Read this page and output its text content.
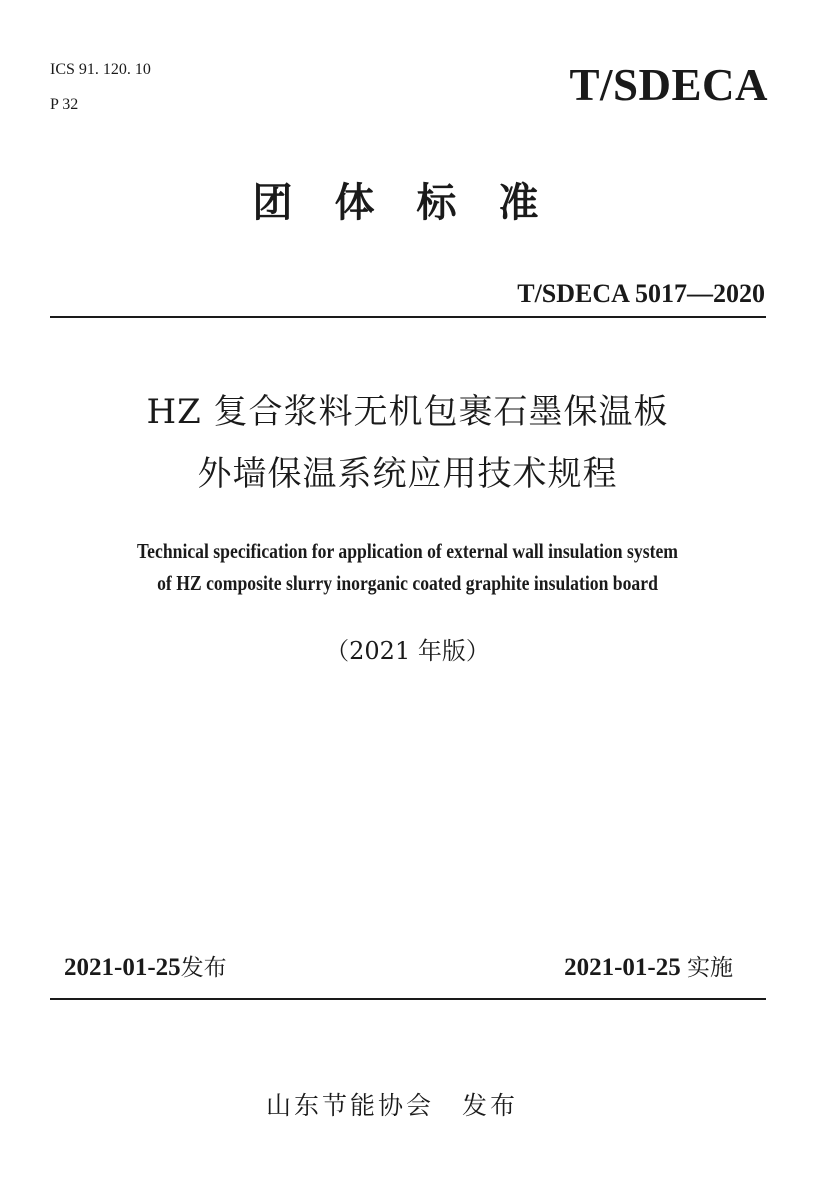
ICS 91. 120. 10
P 32	T/SDECA
团体标准
T/SDECA 5017—2020
HZ 复合浆料无机包裹石墨保温板
外墙保温系统应用技术规程
Technical specification for application of external wall insulation system
of HZ composite slurry inorganic coated graphite insulation board
（2021 年版）
2021-01-25发布	2021-01-25 实施
山东节能协会 发布
